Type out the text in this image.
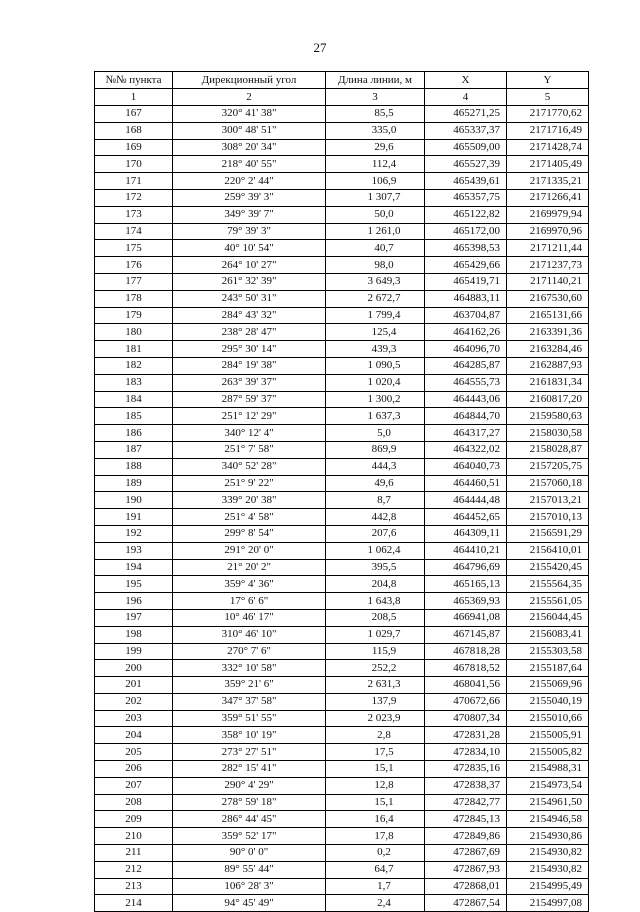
27
№№ пункта	Дирекционный угол	Длина линии, м	X	Y
1	2	3	4	5
167	320° 41' 38"	85,5	465271,25	2171770,62
168	300° 48' 51"	335,0	465337,37	2171716,49
169	308° 20' 34"	29,6	465509,00	2171428,74
170	218° 40' 55"	112,4	465527,39	2171405,49
171	220° 2' 44"	106,9	465439,61	2171335,21
172	259° 39' 3"	1 307,7	465357,75	2171266,41
173	349° 39' 7"	50,0	465122,82	2169979,94
174	79° 39' 3"	1 261,0	465172,00	2169970,96
175	40° 10' 54"	40,7	465398,53	2171211,44
176	264° 10' 27"	98,0	465429,66	2171237,73
177	261° 32' 39"	3 649,3	465419,71	2171140,21
178	243° 50' 31"	2 672,7	464883,11	2167530,60
179	284° 43' 32"	1 799,4	463704,87	2165131,66
180	238° 28' 47"	125,4	464162,26	2163391,36
181	295° 30' 14"	439,3	464096,70	2163284,46
182	284° 19' 38"	1 090,5	464285,87	2162887,93
183	263° 39' 37"	1 020,4	464555,73	2161831,34
184	287° 59' 37"	1 300,2	464443,06	2160817,20
185	251° 12' 29"	1 637,3	464844,70	2159580,63
186	340° 12' 4"	5,0	464317,27	2158030,58
187	251° 7' 58"	869,9	464322,02	2158028,87
188	340° 52' 28"	444,3	464040,73	2157205,75
189	251° 9' 22"	49,6	464460,51	2157060,18
190	339° 20' 38"	8,7	464444,48	2157013,21
191	251° 4' 58"	442,8	464452,65	2157010,13
192	299° 8' 54"	207,6	464309,11	2156591,29
193	291° 20' 0"	1 062,4	464410,21	2156410,01
194	21° 20' 2"	395,5	464796,69	2155420,45
195	359° 4' 36"	204,8	465165,13	2155564,35
196	17° 6' 6"	1 643,8	465369,93	2155561,05
197	10° 46' 17"	208,5	466941,08	2156044,45
198	310° 46' 10"	1 029,7	467145,87	2156083,41
199	270° 7' 6"	115,9	467818,28	2155303,58
200	332° 10' 58"	252,2	467818,52	2155187,64
201	359° 21' 6"	2 631,3	468041,56	2155069,96
202	347° 37' 58"	137,9	470672,66	2155040,19
203	359° 51' 55"	2 023,9	470807,34	2155010,66
204	358° 10' 19"	2,8	472831,28	2155005,91
205	273° 27' 51"	17,5	472834,10	2155005,82
206	282° 15' 41"	15,1	472835,16	2154988,31
207	290° 4' 29"	12,8	472838,37	2154973,54
208	278° 59' 18"	15,1	472842,77	2154961,50
209	286° 44' 45"	16,4	472845,13	2154946,58
210	359° 52' 17"	17,8	472849,86	2154930,86
211	90° 0' 0"	0,2	472867,69	2154930,82
212	89° 55' 44"	64,7	472867,93	2154930,82
213	106° 28' 3"	1,7	472868,01	2154995,49
214	94° 45' 49"	2,4	472867,54	2154997,08
